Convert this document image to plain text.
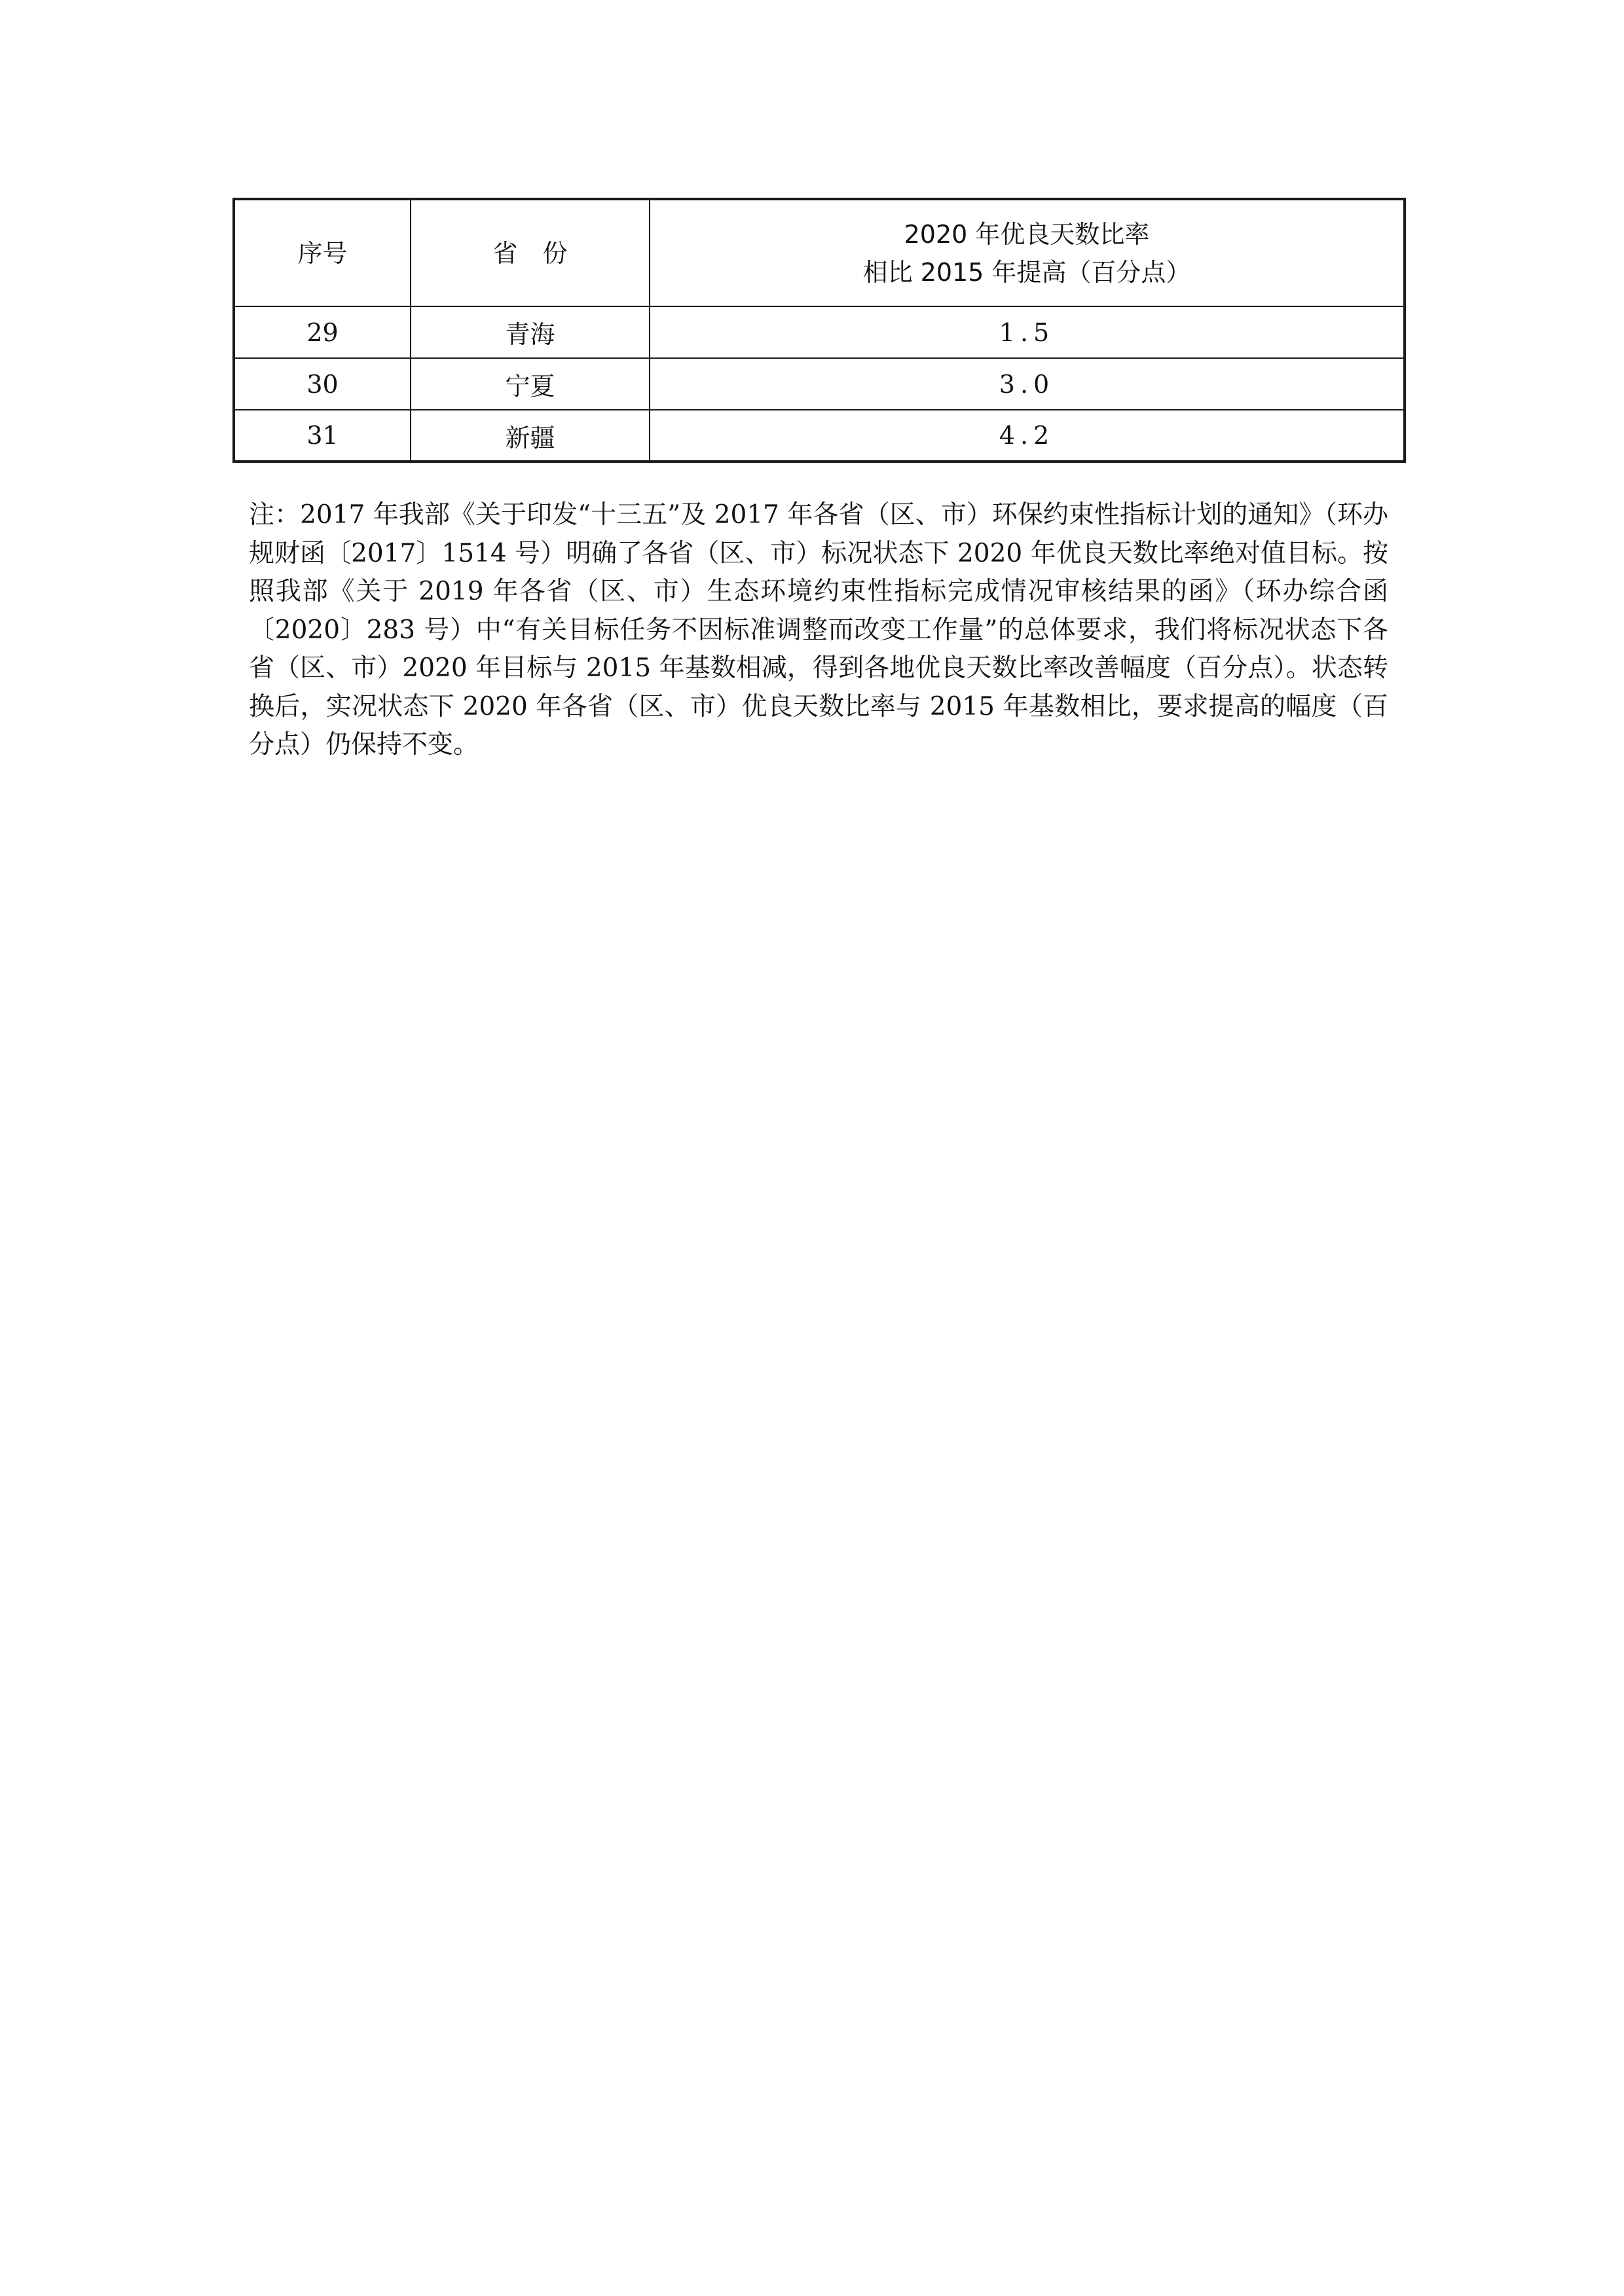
序号	省　份	2020 年优良天数比率
相比 2015 年提高（百分点）

29	青海	1.5
30	宁夏	3.0
31	新疆	4.2

注：2017 年我部《关于印发“十三五”及 2017 年各省（区、市）环保约束性指标计划的通知》（环办规财函〔2017〕1514 号）明确了各省（区、市）标况状态下 2020 年优良天数比率绝对值目标。按照我部《关于 2019 年各省（区、市）生态环境约束性指标完成情况审核结果的函》（环办综合函〔2020〕283 号）中“有关目标任务不因标准调整而改变工作量”的总体要求，我们将标况状态下各省（区、市）2020 年目标与 2015 年基数相减，得到各地优良天数比率改善幅度（百分点）。状态转换后，实况状态下 2020 年各省（区、市）优良天数比率与 2015 年基数相比，要求提高的幅度（百分点）仍保持不变。
